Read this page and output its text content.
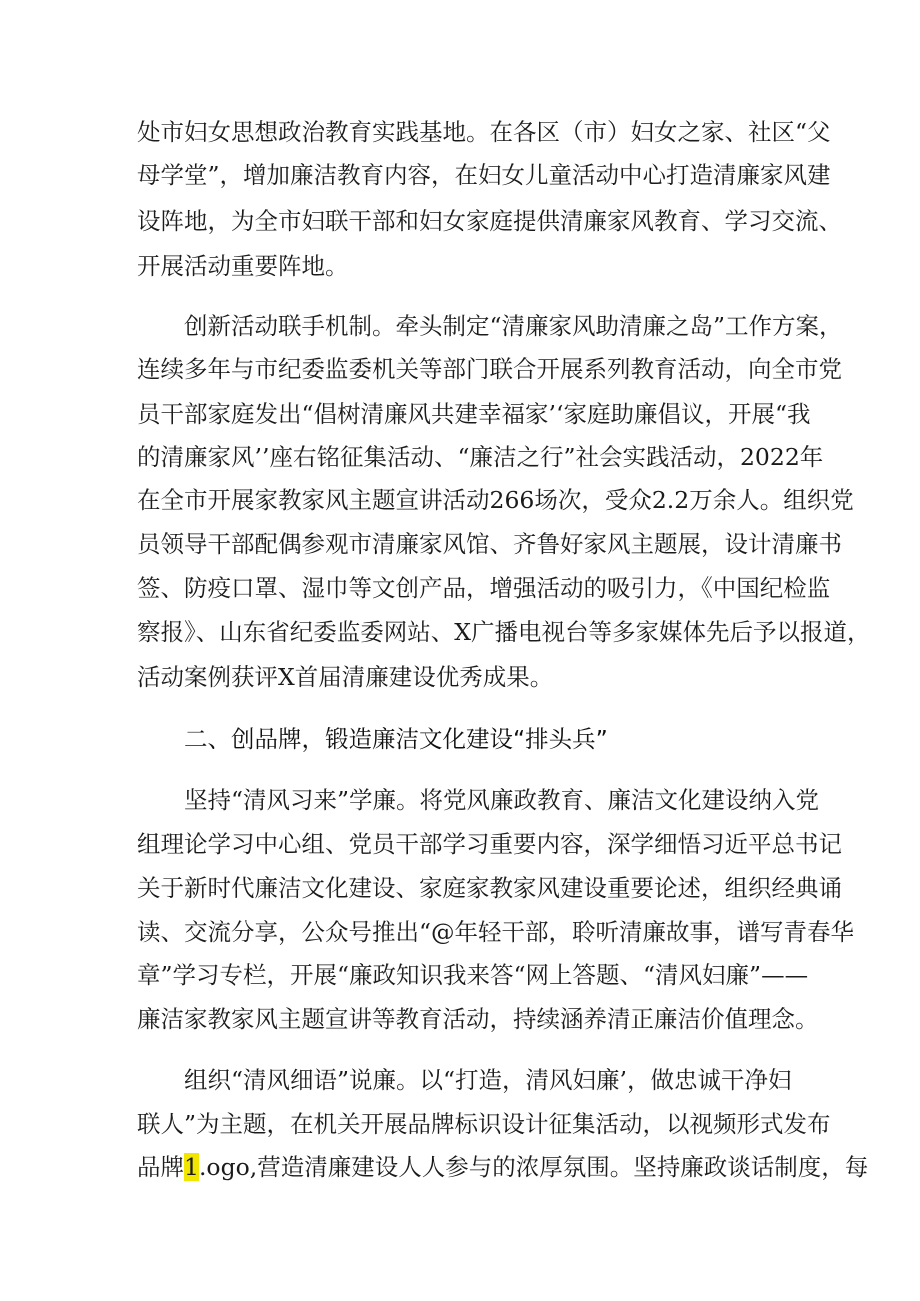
处市妇女思想政治教育实践基地。在各区（市）妇女之家、社区“父
母学堂”，增加廉洁教育内容，在妇女儿童活动中心打造清廉家风建
设阵地，为全市妇联干部和妇女家庭提供清廉家风教育、学习交流、
开展活动重要阵地。
创新活动联手机制。牵头制定“清廉家风助清廉之岛”工作方案，
连续多年与市纪委监委机关等部门联合开展系列教育活动，向全市党
员干部家庭发出“倡树清廉风共建幸福家’‘家庭助廉倡议，开展“我
的清廉家风’’座右铭征集活动、“廉洁之行”社会实践活动，2022年
在全市开展家教家风主题宣讲活动266场次，受众2.2万余人。组织党
员领导干部配偶参观市清廉家风馆、齐鲁好家风主题展，设计清廉书
签、防疫口罩、湿巾等文创产品，增强活动的吸引力，《中国纪检监
察报》、山东省纪委监委网站、X广播电视台等多家媒体先后予以报道，
活动案例获评X首届清廉建设优秀成果。
二、创品牌，锻造廉洁文化建设“排头兵”
坚持“清风习来”学廉。将党风廉政教育、廉洁文化建设纳入党
组理论学习中心组、党员干部学习重要内容，深学细悟习近平总书记
关于新时代廉洁文化建设、家庭家教家风建设重要论述，组织经典诵
读、交流分享，公众号推出“@年轻干部，聆听清廉故事，谱写青春华
章”学习专栏，开展“廉政知识我来答“网上答题、“清风妇廉”——
廉洁家教家风主题宣讲等教育活动，持续涵养清正廉洁价值理念。
组织“清风细语”说廉。以“打造，清风妇廉’，做忠诚干净妇
联人”为主题，在机关开展品牌标识设计征集活动，以视频形式发布
品牌1.ogo,营造清廉建设人人参与的浓厚氛围。坚持廉政谈话制度，每
